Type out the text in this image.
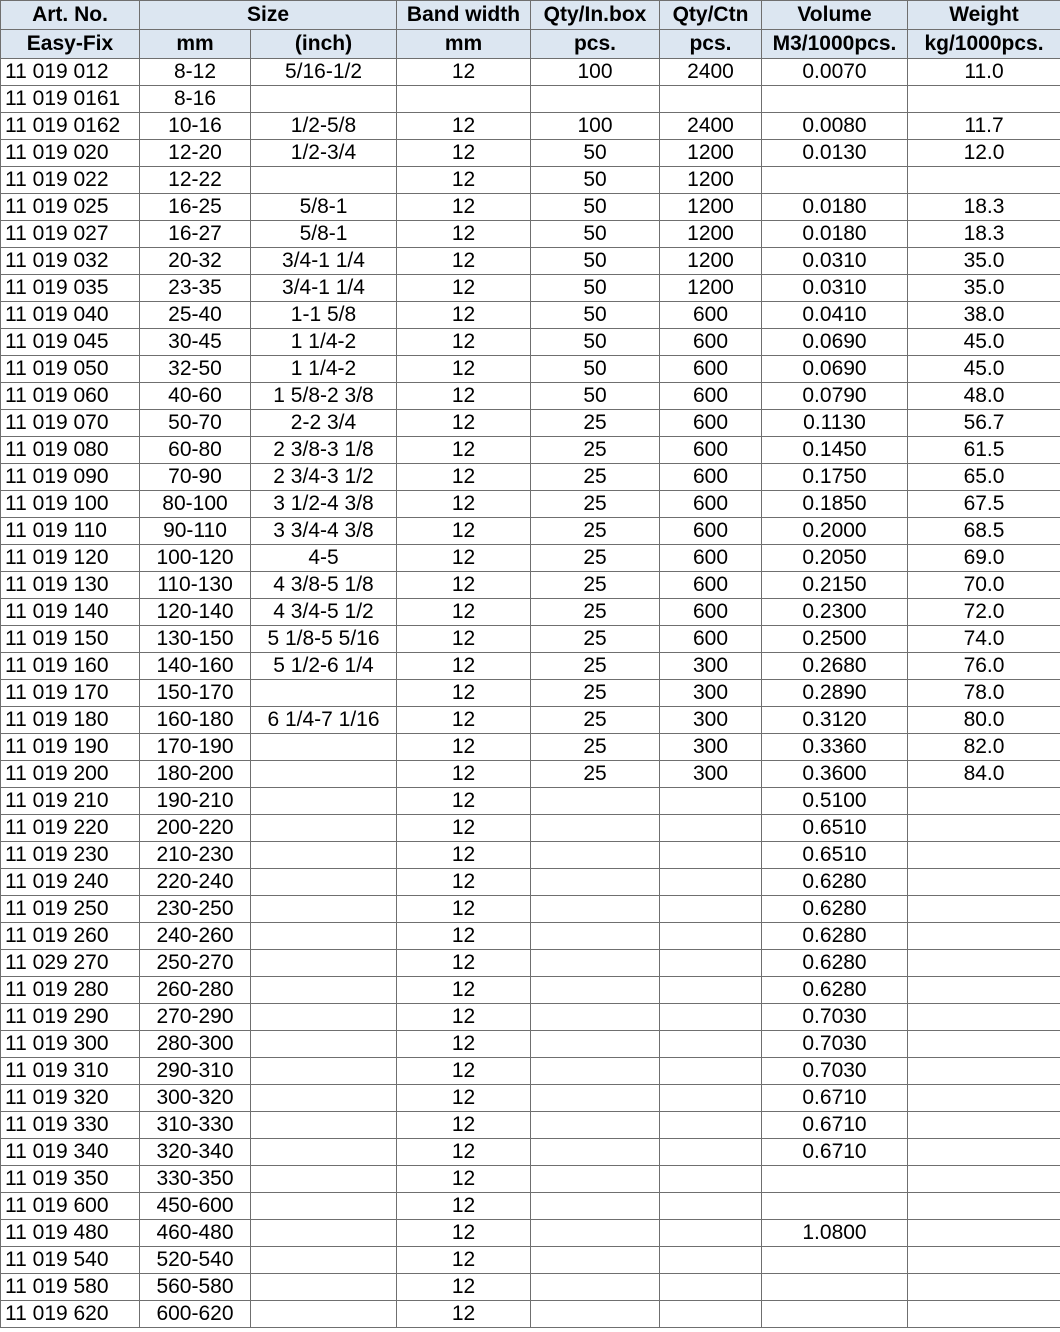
Art. No.	Size		Band width	Qty/In.box	Qty/Ctn	Volume	Weight
Easy-Fix	mm	(inch)	mm	pcs.	pcs.	M3/1000pcs.	kg/1000pcs.
11 019 012	8-12	5/16-1/2	12	100	2400	0.0070	11.0
11 019 0161	8-16						
11 019 0162	10-16	1/2-5/8	12	100	2400	0.0080	11.7
11 019 020	12-20	1/2-3/4	12	50	1200	0.0130	12.0
11 019 022	12-22		12	50	1200		
11 019 025	16-25	5/8-1	12	50	1200	0.0180	18.3
11 019 027	16-27	5/8-1	12	50	1200	0.0180	18.3
11 019 032	20-32	3/4-1 1/4	12	50	1200	0.0310	35.0
11 019 035	23-35	3/4-1 1/4	12	50	1200	0.0310	35.0
11 019 040	25-40	1-1 5/8	12	50	600	0.0410	38.0
11 019 045	30-45	1 1/4-2	12	50	600	0.0690	45.0
11 019 050	32-50	1 1/4-2	12	50	600	0.0690	45.0
11 019 060	40-60	1 5/8-2 3/8	12	50	600	0.0790	48.0
11 019 070	50-70	2-2 3/4	12	25	600	0.1130	56.7
11 019 080	60-80	2 3/8-3 1/8	12	25	600	0.1450	61.5
11 019 090	70-90	2 3/4-3 1/2	12	25	600	0.1750	65.0
11 019 100	80-100	3 1/2-4 3/8	12	25	600	0.1850	67.5
11 019 110	90-110	3 3/4-4 3/8	12	25	600	0.2000	68.5
11 019 120	100-120	4-5	12	25	600	0.2050	69.0
11 019 130	110-130	4 3/8-5 1/8	12	25	600	0.2150	70.0
11 019 140	120-140	4 3/4-5 1/2	12	25	600	0.2300	72.0
11 019 150	130-150	5 1/8-5 5/16	12	25	600	0.2500	74.0
11 019 160	140-160	5 1/2-6 1/4	12	25	300	0.2680	76.0
11 019 170	150-170		12	25	300	0.2890	78.0
11 019 180	160-180	6 1/4-7 1/16	12	25	300	0.3120	80.0
11 019 190	170-190		12	25	300	0.3360	82.0
11 019 200	180-200		12	25	300	0.3600	84.0
11 019 210	190-210		12			0.5100	
11 019 220	200-220		12			0.6510	
11 019 230	210-230		12			0.6510	
11 019 240	220-240		12			0.6280	
11 019 250	230-250		12			0.6280	
11 019 260	240-260		12			0.6280	
11 029 270	250-270		12			0.6280	
11 019 280	260-280		12			0.6280	
11 019 290	270-290		12			0.7030	
11 019 300	280-300		12			0.7030	
11 019 310	290-310		12			0.7030	
11 019 320	300-320		12			0.6710	
11 019 330	310-330		12			0.6710	
11 019 340	320-340		12			0.6710	
11 019 350	330-350		12				
11 019 600	450-600		12				
11 019 480	460-480		12			1.0800	
11 019 540	520-540		12				
11 019 580	560-580		12				
11 019 620	600-620		12				
